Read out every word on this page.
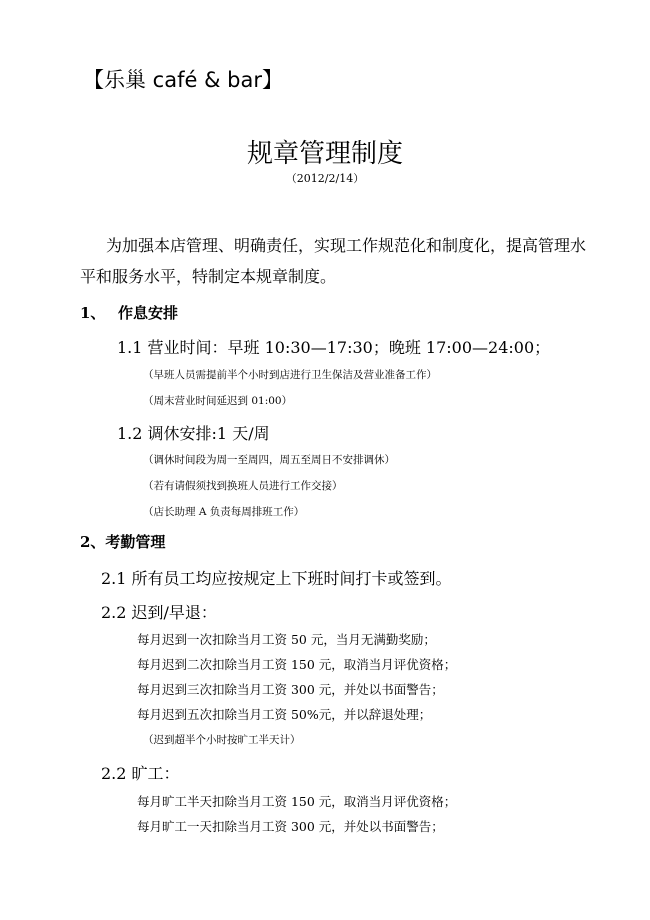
【乐巢 café & bar】
规章管理制度
（2012/2/14）
为加强本店管理、明确责任，实现工作规范化和制度化，提高管理水
平和服务水平，特制定本规章制度。
1、 作息安排
1.1 营业时间：早班 10:30—17:30；晚班 17:00—24:00；
（早班人员需提前半个小时到店进行卫生保洁及营业准备工作）
（周末营业时间延迟到 01:00）
1.2 调休安排:1 天/周
（调休时间段为周一至周四，周五至周日不安排调休）
（若有请假须找到换班人员进行工作交接）
（店长助理 A 负责每周排班工作）
2、考勤管理
2.1 所有员工均应按规定上下班时间打卡或签到。
2.2 迟到/早退：
每月迟到一次扣除当月工资 50 元，当月无满勤奖励；
每月迟到二次扣除当月工资 150 元，取消当月评优资格；
每月迟到三次扣除当月工资 300 元，并处以书面警告；
每月迟到五次扣除当月工资 50%元，并以辞退处理；
（迟到超半个小时按旷工半天计）
2.2 旷工：
每月旷工半天扣除当月工资 150 元，取消当月评优资格；
每月旷工一天扣除当月工资 300 元，并处以书面警告；
